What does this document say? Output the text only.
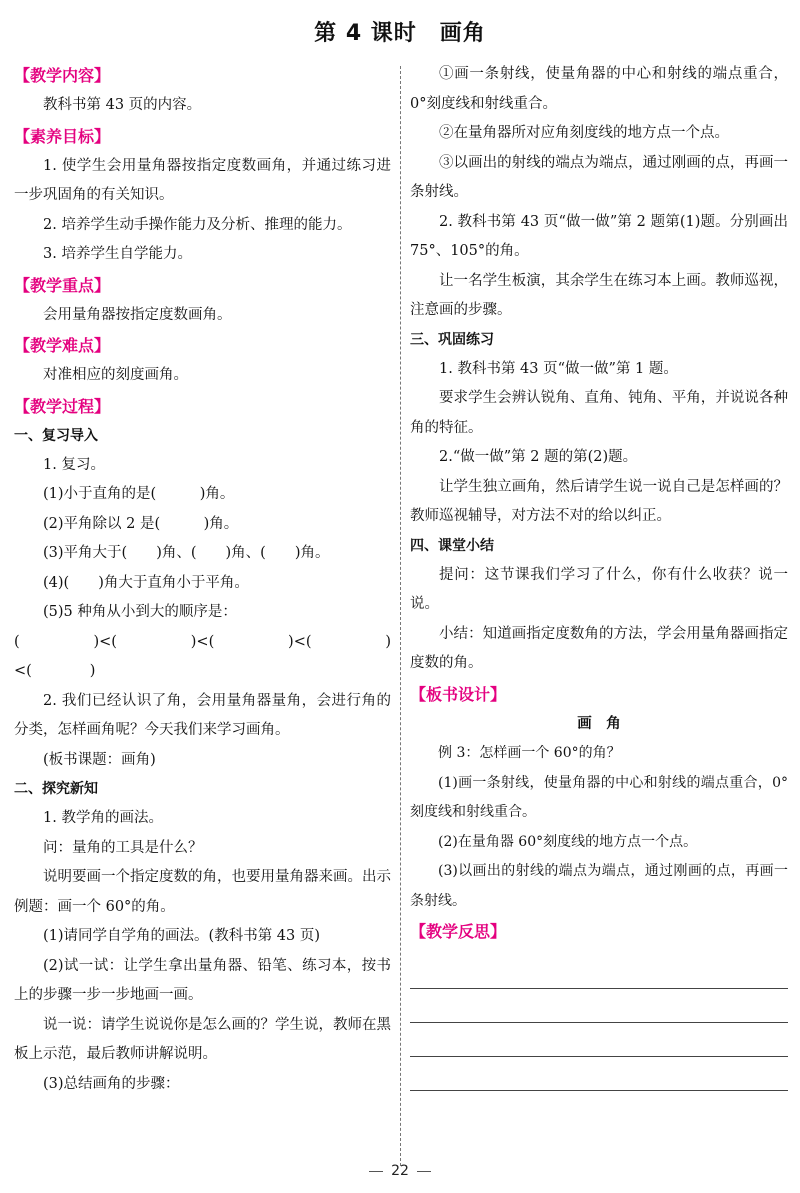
第 4 课时　画角
【教学内容】

教科书第 43 页的内容。

【素养目标】

1. 使学生会用量角器按指定度数画角，并通过练习进一步巩固角的有关知识。

2. 培养学生动手操作能力及分析、推理的能力。

3. 培养学生自学能力。

【教学重点】

会用量角器按指定度数画角。

【教学难点】

对准相应的刻度画角。

【教学过程】
一、复习导入

1. 复习。

(1)小于直角的是(　　　)角。

(2)平角除以 2 是(　　　)角。

(3)平角大于(　　)角、(　　)角、(　　)角。

(4)(　　)角大于直角小于平角。

(5)5 种角从小到大的顺序是：

(　　　　)<(　　　　)<(　　　　)<(　　　　)<(　　　　)

2. 我们已经认识了角，会用量角器量角，会进行角的分类，怎样画角呢？今天我们来学习画角。

(板书课题：画角)

二、探究新知

1. 教学角的画法。

问：量角的工具是什么？

说明要画一个指定度数的角，也要用量角器来画。出示例题：画一个 60°的角。

(1)请同学自学角的画法。(教科书第 43 页)

(2)试一试：让学生拿出量角器、铅笔、练习本，按书上的步骤一步一步地画一画。

说一说：请学生说说你是怎么画的？学生说，教师在黑板上示范，最后教师讲解说明。

(3)总结画角的步骤：

①画一条射线，使量角器的中心和射线的端点重合，0°刻度线和射线重合。

②在量角器所对应角刻度线的地方点一个点。

③以画出的射线的端点为端点，通过刚画的点，再画一条射线。

2. 教科书第 43 页“做一做”第 2 题第(1)题。分别画出 75°、105°的角。

让一名学生板演，其余学生在练习本上画。教师巡视，注意画的步骤。

三、巩固练习

1. 教科书第 43 页“做一做”第 1 题。

要求学生会辨认锐角、直角、钝角、平角，并说说各种角的特征。

2.“做一做”第 2 题的第(2)题。

让学生独立画角，然后请学生说一说自己是怎样画的？教师巡视辅导，对方法不对的给以纠正。

四、课堂小结

提问：这节课我们学习了什么，你有什么收获？说一说。

小结：知道画指定度数角的方法，学会用量角器画指定度数的角。

【板书设计】

画　角

例 3：怎样画一个 60°的角？

(1)画一条射线，使量角器的中心和射线的端点重合，0°刻度线和射线重合。

(2)在量角器 60°刻度线的地方点一个点。

(3)以画出的射线的端点为端点，通过刚画的点，再画一条射线。

【教学反思】
22
